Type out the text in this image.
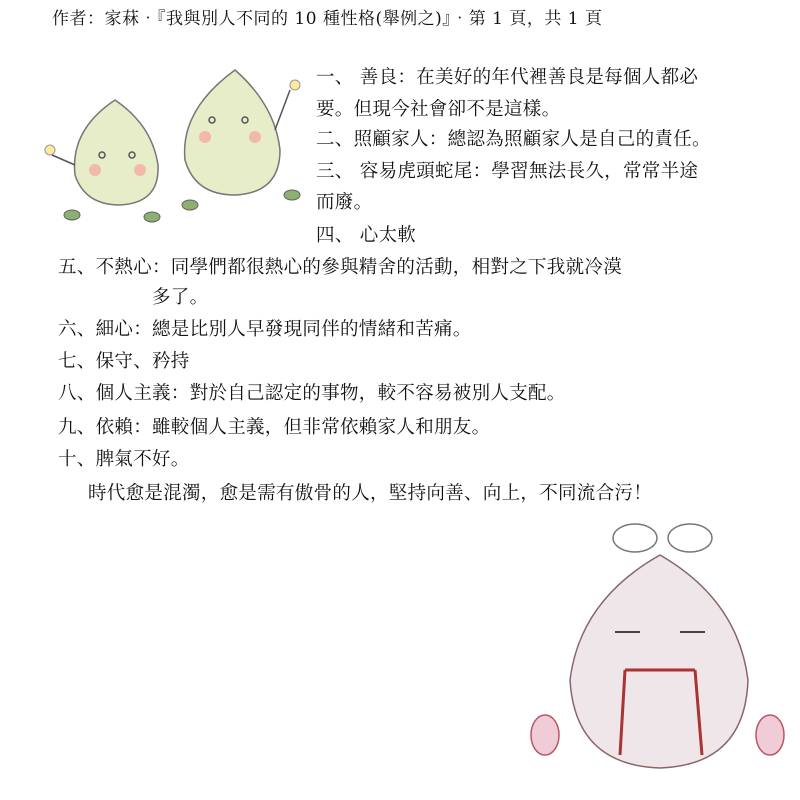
作者：家菻‧『我與別人不同的 10 種性格(舉例之)』‧第 1 頁，共 1 頁
一、 善良：在美好的年代裡善良是每個人都必
要。但現今社會卻不是這樣。
二、照顧家人：總認為照顧家人是自己的責任。
三、 容易虎頭蛇尾：學習無法長久，常常半途
而廢。
四、 心太軟
五、不熱心：同學們都很熱心的參與精舍的活動，相對之下我就冷漠
多了。
六、細心：總是比別人早發現同伴的情緒和苦痛。
七、保守、矜持
八、個人主義：對於自己認定的事物，較不容易被別人支配。
九、依賴：雖較個人主義，但非常依賴家人和朋友。
十、脾氣不好。
時代愈是混濁，愈是需有傲骨的人，堅持向善、向上，不同流合污！
